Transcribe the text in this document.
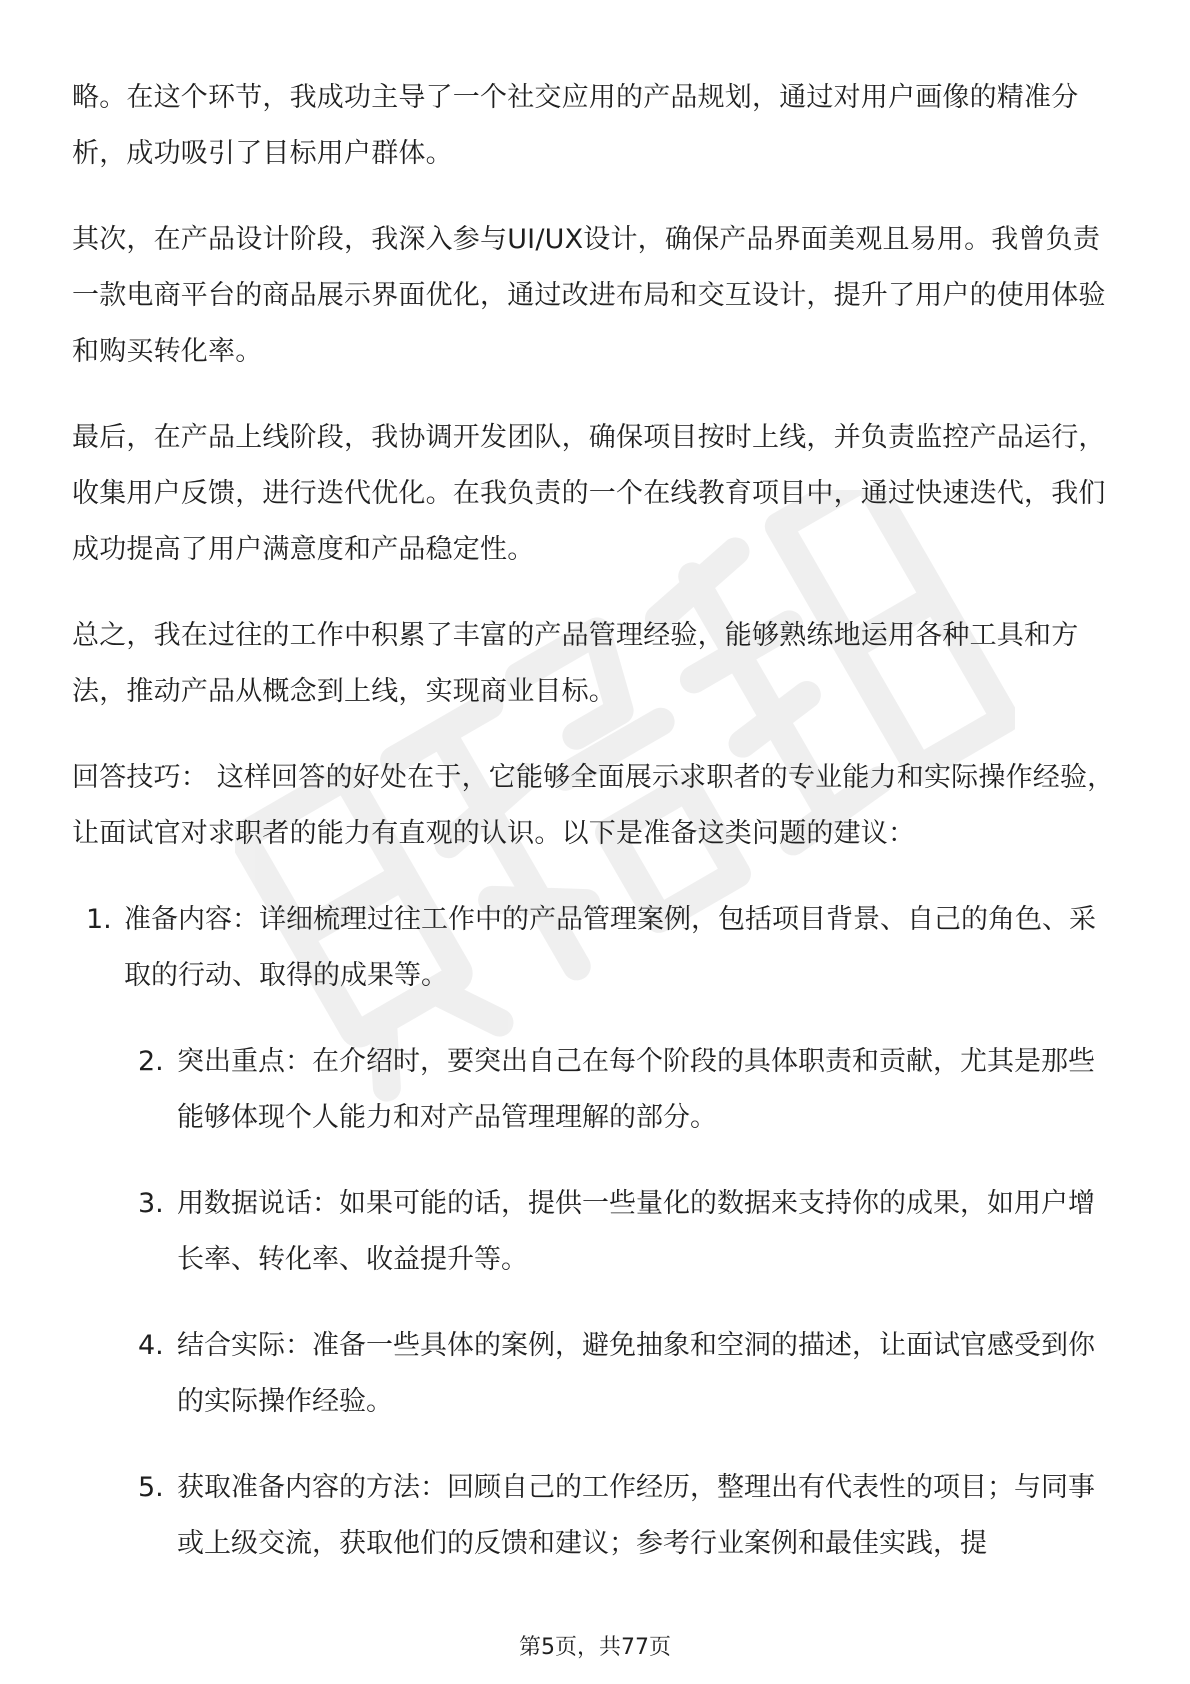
略。在这个环节，我成功主导了一个社交应用的产品规划，通过对用户画像的精准分析，成功吸引了目标用户群体。

其次，在产品设计阶段，我深入参与UI/UX设计，确保产品界面美观且易用。我曾负责一款电商平台的商品展示界面优化，通过改进布局和交互设计，提升了用户的使用体验和购买转化率。

最后，在产品上线阶段，我协调开发团队，确保项目按时上线，并负责监控产品运行，收集用户反馈，进行迭代优化。在我负责的一个在线教育项目中，通过快速迭代，我们成功提高了用户满意度和产品稳定性。

总之，我在过往的工作中积累了丰富的产品管理经验，能够熟练地运用各种工具和方法，推动产品从概念到上线，实现商业目标。

回答技巧： 这样回答的好处在于，它能够全面展示求职者的专业能力和实际操作经验，让面试官对求职者的能力有直观的认识。以下是准备这类问题的建议：

1. 准备内容：详细梳理过往工作中的产品管理案例，包括项目背景、自己的角色、采取的行动、取得的成果等。
2. 突出重点：在介绍时，要突出自己在每个阶段的具体职责和贡献，尤其是那些能够体现个人能力和对产品管理理解的部分。
3. 用数据说话：如果可能的话，提供一些量化的数据来支持你的成果，如用户增长率、转化率、收益提升等。
4. 结合实际：准备一些具体的案例，避免抽象和空洞的描述，让面试官感受到你的实际操作经验。
5. 获取准备内容的方法：回顾自己的工作经历，整理出有代表性的项目；与同事或上级交流，获取他们的反馈和建议；参考行业案例和最佳实践，提
第5页，共77页
